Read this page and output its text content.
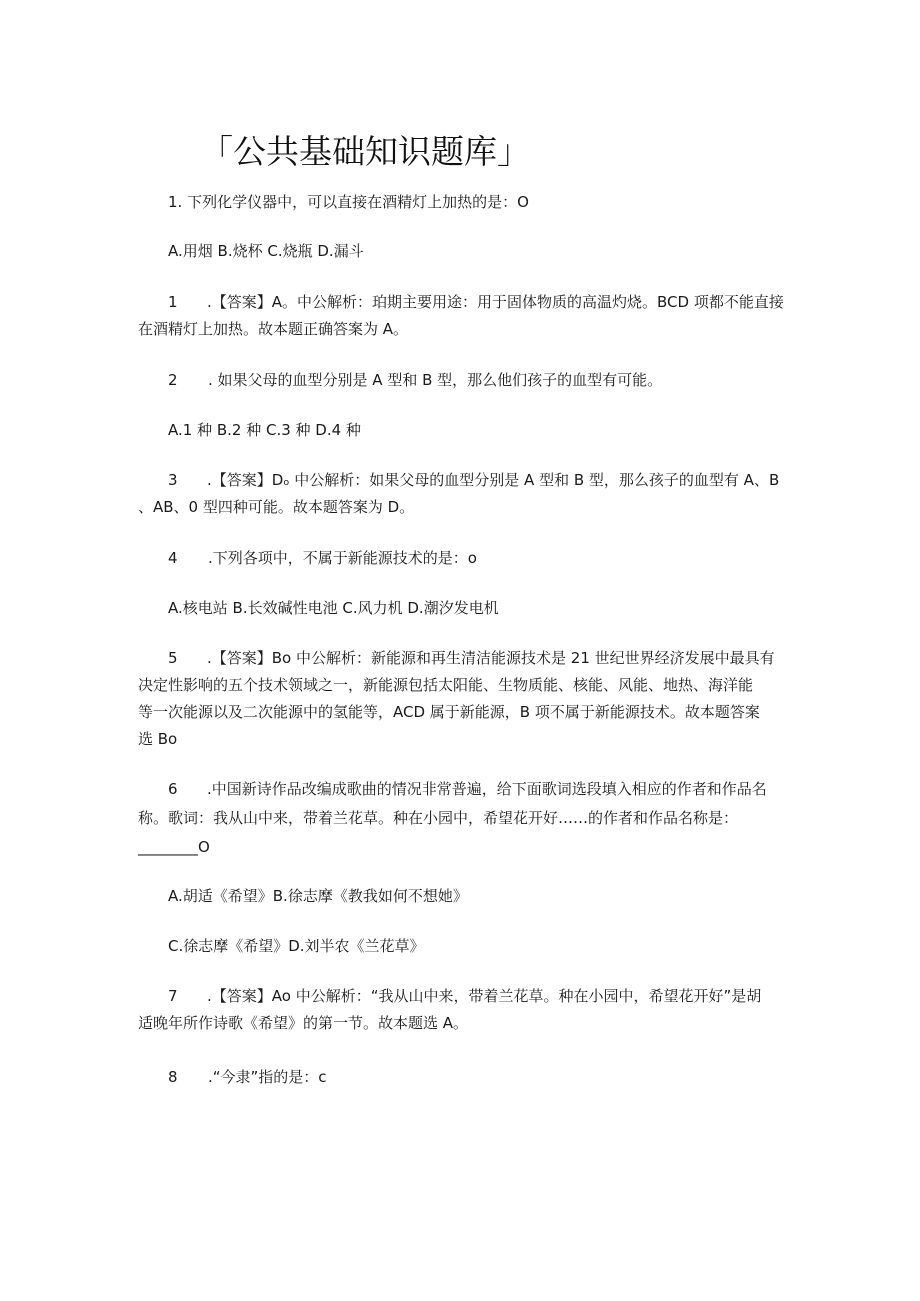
「公共基础知识题库」
1. 下列化学仪器中，可以直接在酒精灯上加热的是：O
A.用烟 B.烧杯 C.烧瓶 D.漏斗
1 .【答案】A。中公解析：珀期主要用途：用于固体物质的高温灼烧。BCD 项都不能直接
在酒精灯上加热。故本题正确答案为 A。
2 . 如果父母的血型分别是 A 型和 B 型，那么他们孩子的血型有可能。
A.1 种 B.2 种 C.3 种 D.4 种
3 .【答案】Dₒ 中公解析：如果父母的血型分别是 A 型和 B 型，那么孩子的血型有 A、B
、AB、0 型四种可能。故本题答案为 D。
4 .下列各项中，不属于新能源技术的是：o
A.核电站 B.长效碱性电池 C.风力机 D.潮汐发电机
5 .【答案】Bo 中公解析：新能源和再生清洁能源技术是 21 世纪世界经济发展中最具有
决定性影响的五个技术领域之一，新能源包括太阳能、生物质能、核能、风能、地热、海洋能
等一次能源以及二次能源中的氢能等，ACD 属于新能源，B 项不属于新能源技术。故本题答案
选 Bo
6 .中国新诗作品改编成歌曲的情况非常普遍，给下面歌词选段填入相应的作者和作品名
称。歌词：我从山中来，带着兰花草。种在小园中，希望花开好……的作者和作品名称是：
________O
A.胡适《希望》B.徐志摩《教我如何不想她》
C.徐志摩《希望》D.刘半农《兰花草》
7 .【答案】Ao 中公解析：“我从山中来，带着兰花草。种在小园中，希望花开好”是胡
适晚年所作诗歌《希望》的第一节。故本题选 A。
8 .“今隶”指的是：c
